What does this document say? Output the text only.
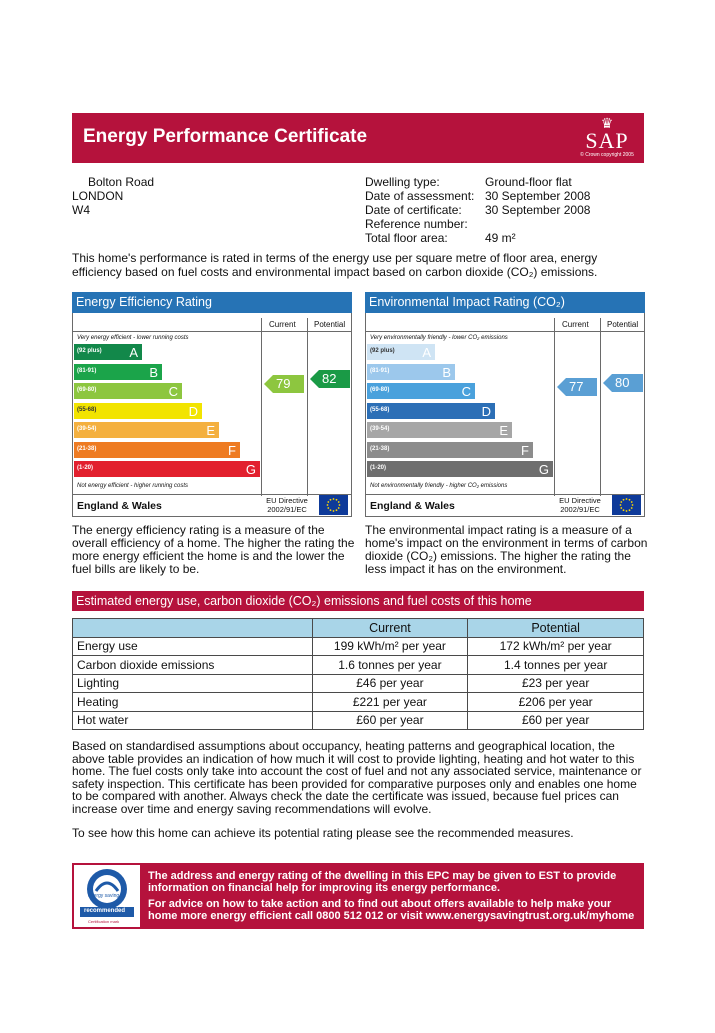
Energy Performance Certificate
♛
SAP
© Crown copyright 2005
Bolton Road
LONDON
W4
Dwelling type:	Ground-floor flat
Date of assessment: 30 September 2008
Date of certificate: 30 September 2008
Reference number:
Total floor area:	49 m²
This home's performance is rated in terms of the energy use per square metre of floor area, energy efficiency based on fuel costs and environmental impact based on carbon dioxide (CO₂) emissions.
Energy Efficiency Rating
Current Potential
Very energy efficient - lower running costs
Not energy efficient - higher running costs
(92 plus) A
(81-91)	B
(69-80)	C
(55-68)	D
(39-54)	E
(21-38)	F
(1-20)	G
79 82
England & Wales	EU Directive 2002/91/EC
Environmental Impact Rating (CO₂)
Current Potential
Very environmentally friendly - lower CO₂ emissions
Not environmentally friendly - higher CO₂ emissions
(92 plus) A
(81-91)	B
(69-80)	C
(55-68)	D
(39-54)	E
(21-38)	F
(1-20)	G
77 80
England & Wales	EU Directive 2002/91/EC
The energy efficiency rating is a measure of the overall efficiency of a home. The higher the rating the more energy efficient the home is and the lower the fuel bills are likely to be.
The environmental impact rating is a measure of a home's impact on the environment in terms of carbon dioxide (CO₂) emissions. The higher the rating the less impact it has on the environment.
Estimated energy use, carbon dioxide (CO₂) emissions and fuel costs of this home
	Current	Potential
Energy use	199 kWh/m² per year	172 kWh/m² per year
Carbon dioxide emissions	1.6 tonnes per year	1.4 tonnes per year
Lighting	£46 per year	£23 per year
Heating	£221 per year	£206 per year
Hot water	£60 per year	£60 per year
Based on standardised assumptions about occupancy, heating patterns and geographical location, the above table provides an indication of how much it will cost to provide lighting, heating and hot water to this home. The fuel costs only take into account the cost of fuel and not any associated service, maintenance or safety inspection. This certificate has been provided for comparative purposes only and enables one home to be compared with another. Always check the date the certificate was issued, because fuel prices can increase over time and energy saving recommendations will evolve.
To see how this home can achieve its potential rating please see the recommended measures.
energy saving
recommended
Certification mark
The address and energy rating of the dwelling in this EPC may be given to EST to provide information on financial help for improving its energy performance.
For advice on how to take action and to find out about offers available to help make your home more energy efficient call 0800 512 012 or visit www.energysavingtrust.org.uk/myhome
